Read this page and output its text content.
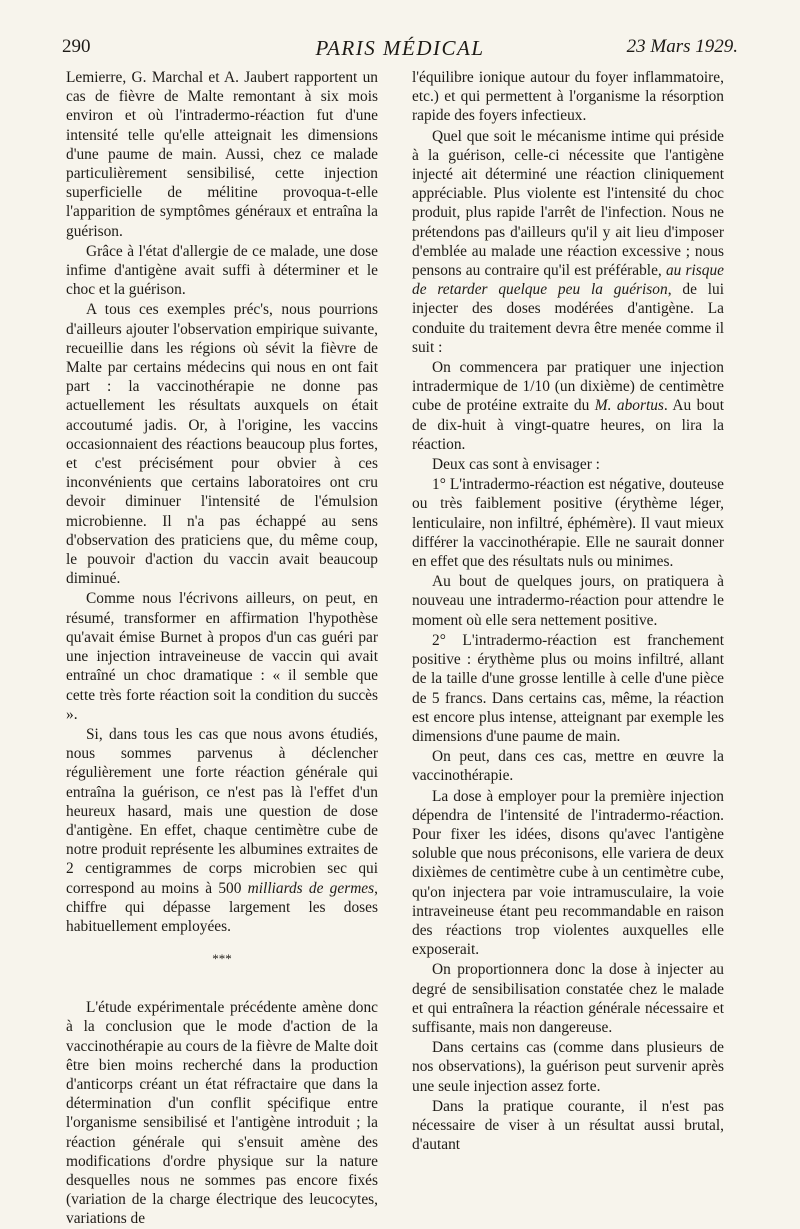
290	PARIS MÉDICAL	23 Mars 1929.

Lemierre, G. Marchal et A. Jaubert rapportent un cas de fièvre de Malte remontant à six mois environ et où l'intradermo-réaction fut d'une intensité telle qu'elle atteignait les dimensions d'une paume de main. Aussi, chez ce malade particulièrement sensibilisé, cette injection superficielle de mélitine provoqua-t-elle l'apparition de symptômes généraux et entraîna la guérison.

Grâce à l'état d'allergie de ce malade, une dose infime d'antigène avait suffi à déterminer et le choc et la guérison.

A tous ces exemples préc's, nous pourrions d'ailleurs ajouter l'observation empirique suivante, recueillie dans les régions où sévit la fièvre de Malte par certains médecins qui nous en ont fait part : la vaccinothérapie ne donne pas actuellement les résultats auxquels on était accoutumé jadis. Or, à l'origine, les vaccins occasionnaient des réactions beaucoup plus fortes, et c'est précisément pour obvier à ces inconvénients que certains laboratoires ont cru devoir diminuer l'intensité de l'émulsion microbienne. Il n'a pas échappé au sens d'observation des praticiens que, du même coup, le pouvoir d'action du vaccin avait beaucoup diminué.

Comme nous l'écrivons ailleurs, on peut, en résumé, transformer en affirmation l'hypothèse qu'avait émise Burnet à propos d'un cas guéri par une injection intraveineuse de vaccin qui avait entraîné un choc dramatique : « il semble que cette très forte réaction soit la condition du succès ».

Si, dans tous les cas que nous avons étudiés, nous sommes parvenus à déclencher régulièrement une forte réaction générale qui entraîna la guérison, ce n'est pas là l'effet d'un heureux hasard, mais une question de dose d'antigène. En effet, chaque centimètre cube de notre produit représente les albumines extraites de 2 centigrammes de corps microbien sec qui correspond au moins à 500 milliards de germes, chiffre qui dépasse largement les doses habituellement employées.

***

L'étude expérimentale précédente amène donc à la conclusion que le mode d'action de la vaccinothérapie au cours de la fièvre de Malte doit être bien moins recherché dans la production d'anticorps créant un état réfractaire que dans la détermination d'un conflit spécifique entre l'organisme sensibilisé et l'antigène introduit ; la réaction générale qui s'ensuit amène des modifications d'ordre physique sur la nature desquelles nous ne sommes pas encore fixés (variation de la charge électrique des leucocytes, variations de

l'équilibre ionique autour du foyer inflammatoire, etc.) et qui permettent à l'organisme la résorption rapide des foyers infectieux.

Quel que soit le mécanisme intime qui préside à la guérison, celle-ci nécessite que l'antigène injecté ait déterminé une réaction cliniquement appréciable. Plus violente est l'intensité du choc produit, plus rapide l'arrêt de l'infection. Nous ne prétendons pas d'ailleurs qu'il y ait lieu d'imposer d'emblée au malade une réaction excessive ; nous pensons au contraire qu'il est préférable, au risque de retarder quelque peu la guérison, de lui injecter des doses modérées d'antigène. La conduite du traitement devra être menée comme il suit :

On commencera par pratiquer une injection intradermique de 1/10 (un dixième) de centimètre cube de protéine extraite du M. abortus. Au bout de dix-huit à vingt-quatre heures, on lira la réaction.

Deux cas sont à envisager :

1° L'intradermo-réaction est négative, douteuse ou très faiblement positive (érythème léger, lenticulaire, non infiltré, éphémère). Il vaut mieux différer la vaccinothérapie. Elle ne saurait donner en effet que des résultats nuls ou minimes.

Au bout de quelques jours, on pratiquera à nouveau une intradermo-réaction pour attendre le moment où elle sera nettement positive.

2° L'intradermo-réaction est franchement positive : érythème plus ou moins infiltré, allant de la taille d'une grosse lentille à celle d'une pièce de 5 francs. Dans certains cas, même, la réaction est encore plus intense, atteignant par exemple les dimensions d'une paume de main.

On peut, dans ces cas, mettre en œuvre la vaccinothérapie.

La dose à employer pour la première injection dépendra de l'intensité de l'intradermo-réaction. Pour fixer les idées, disons qu'avec l'antigène soluble que nous préconisons, elle variera de deux dixièmes de centimètre cube à un centimètre cube, qu'on injectera par voie intramusculaire, la voie intraveineuse étant peu recommandable en raison des réactions trop violentes auxquelles elle exposerait.

On proportionnera donc la dose à injecter au degré de sensibilisation constatée chez le malade et qui entraînera la réaction générale nécessaire et suffisante, mais non dangereuse.

Dans certains cas (comme dans plusieurs de nos observations), la guérison peut survenir après une seule injection assez forte.

Dans la pratique courante, il n'est pas nécessaire de viser à un résultat aussi brutal, d'autant
